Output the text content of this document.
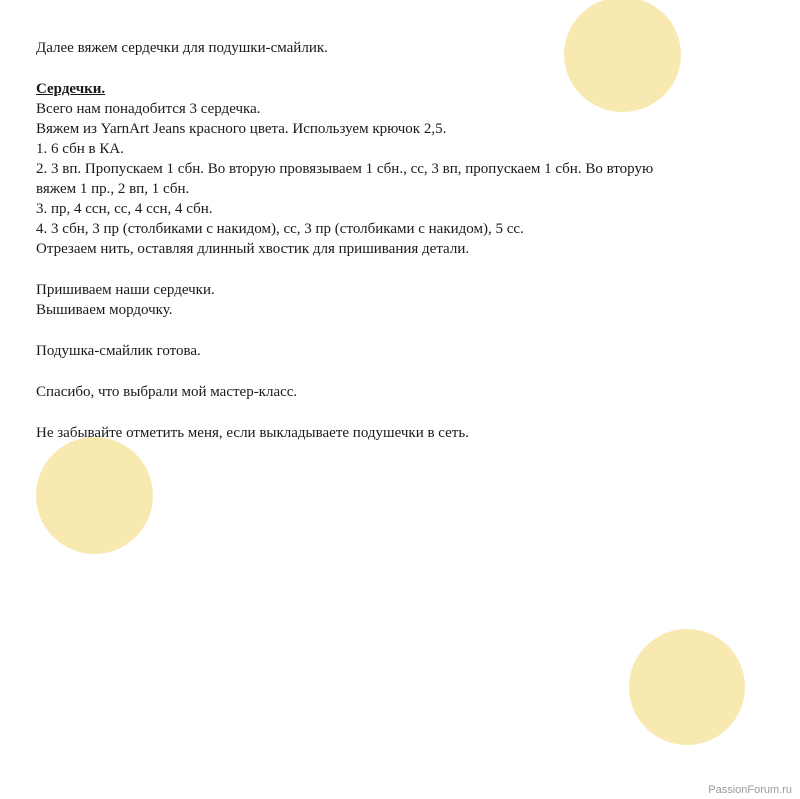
Далее вяжем сердечки для подушки-смайлик.
Сердечки.
Всего нам понадобится 3 сердечка.
Вяжем из YarnArt Jeans красного цвета. Используем крючок 2,5.
1. 6 сбн в КА.
2. 3 вп. Пропускаем 1 сбн. Во вторую провязываем 1 сбн., сс, 3 вп, пропускаем 1 сбн. Во вторую
вяжем 1 пр., 2 вп, 1 сбн.
3. пр, 4 ссн, сс, 4 ссн, 4 сбн.
4. 3 сбн, 3 пр (столбиками с накидом), сс, 3 пр (столбиками с накидом), 5 сс.
Отрезаем нить, оставляя длинный хвостик для пришивания детали.
Пришиваем наши сердечки.
Вышиваем мордочку.
Подушка-смайлик готова.
Спасибо, что выбрали мой мастер-класс.
Не забывайте отметить меня, если выкладываете подушечки в сеть.
PassionForum.ru
